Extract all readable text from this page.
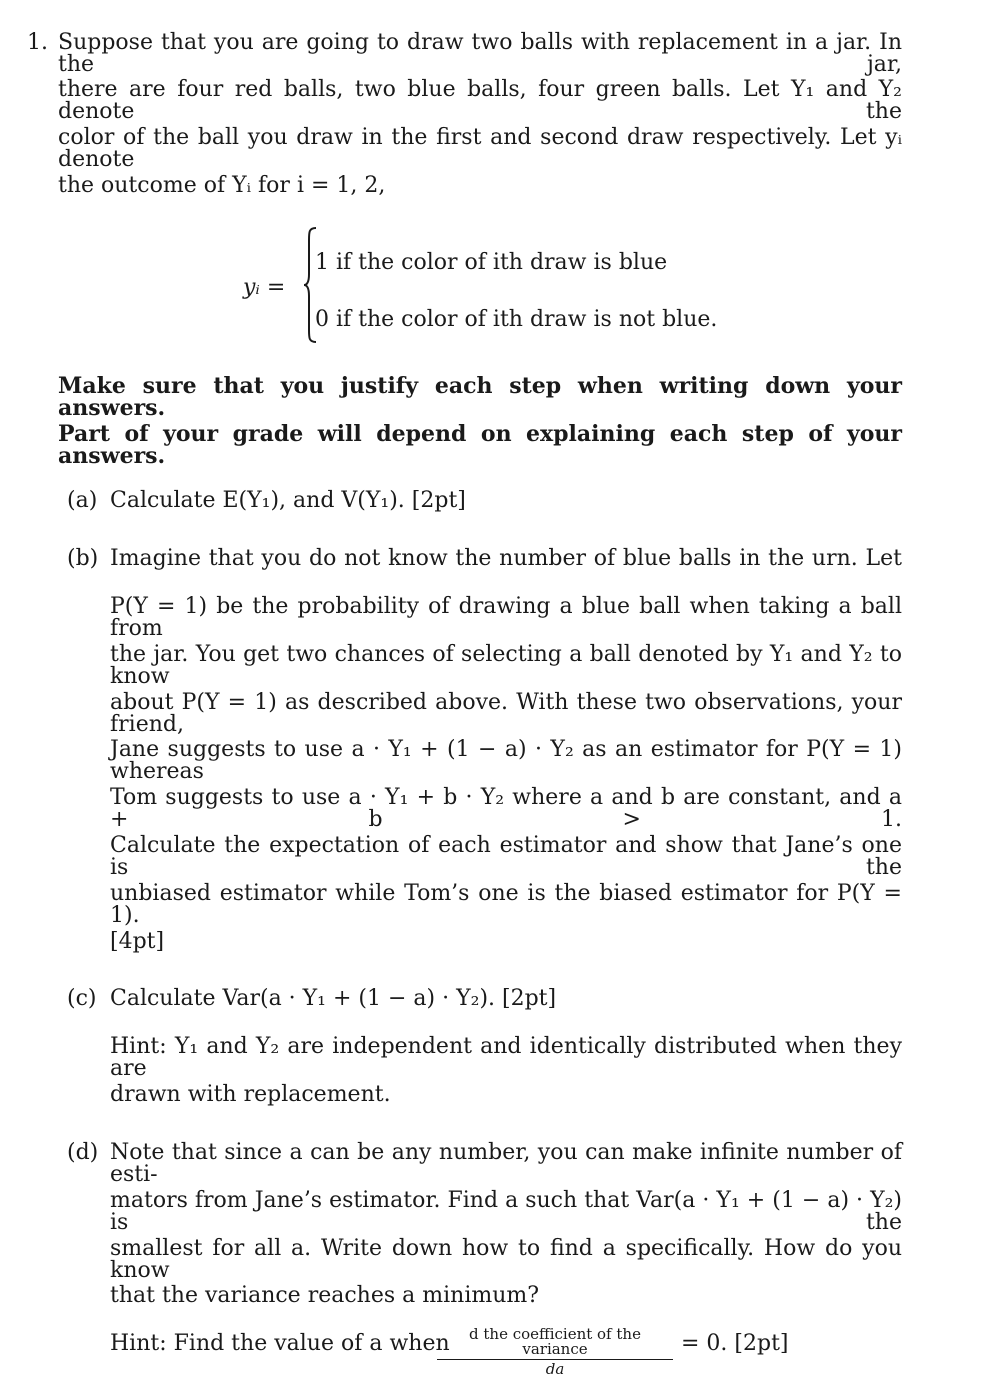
1. Suppose that you are going to draw two balls with replacement in a jar. In the jar,
there are four red balls, two blue balls, four green balls. Let Y₁ and Y₂ denote the
color of the ball you draw in the first and second draw respectively. Let yᵢ denote
the outcome of Yᵢ for i = 1, 2,
yᵢ =
1 if the color of ith draw is blue
0 if the color of ith draw is not blue.
Make sure that you justify each step when writing down your answers.
Part of your grade will depend on explaining each step of your answers.
(a) Calculate E(Y₁), and V(Y₁). [2pt]
(b) Imagine that you do not know the number of blue balls in the urn. Let
P(Y = 1) be the probability of drawing a blue ball when taking a ball from
the jar. You get two chances of selecting a ball denoted by Y₁ and Y₂ to know
about P(Y = 1) as described above. With these two observations, your friend,
Jane suggests to use a · Y₁ + (1 − a) · Y₂ as an estimator for P(Y = 1) whereas
Tom suggests to use a · Y₁ + b · Y₂ where a and b are constant, and a + b > 1.
Calculate the expectation of each estimator and show that Jane’s one is the
unbiased estimator while Tom’s one is the biased estimator for P(Y = 1).
[4pt]
(c) Calculate Var(a · Y₁ + (1 − a) · Y₂). [2pt]
Hint: Y₁ and Y₂ are independent and identically distributed when they are
drawn with replacement.
(d) Note that since a can be any number, you can make infinite number of esti-
mators from Jane’s estimator. Find a such that Var(a · Y₁ + (1 − a) · Y₂) is the
smallest for all a. Write down how to find a specifically. How do you know
that the variance reaches a minimum?
Hint: Find the value of a when	d the coefficient of the variance
da
= 0. [2pt]
